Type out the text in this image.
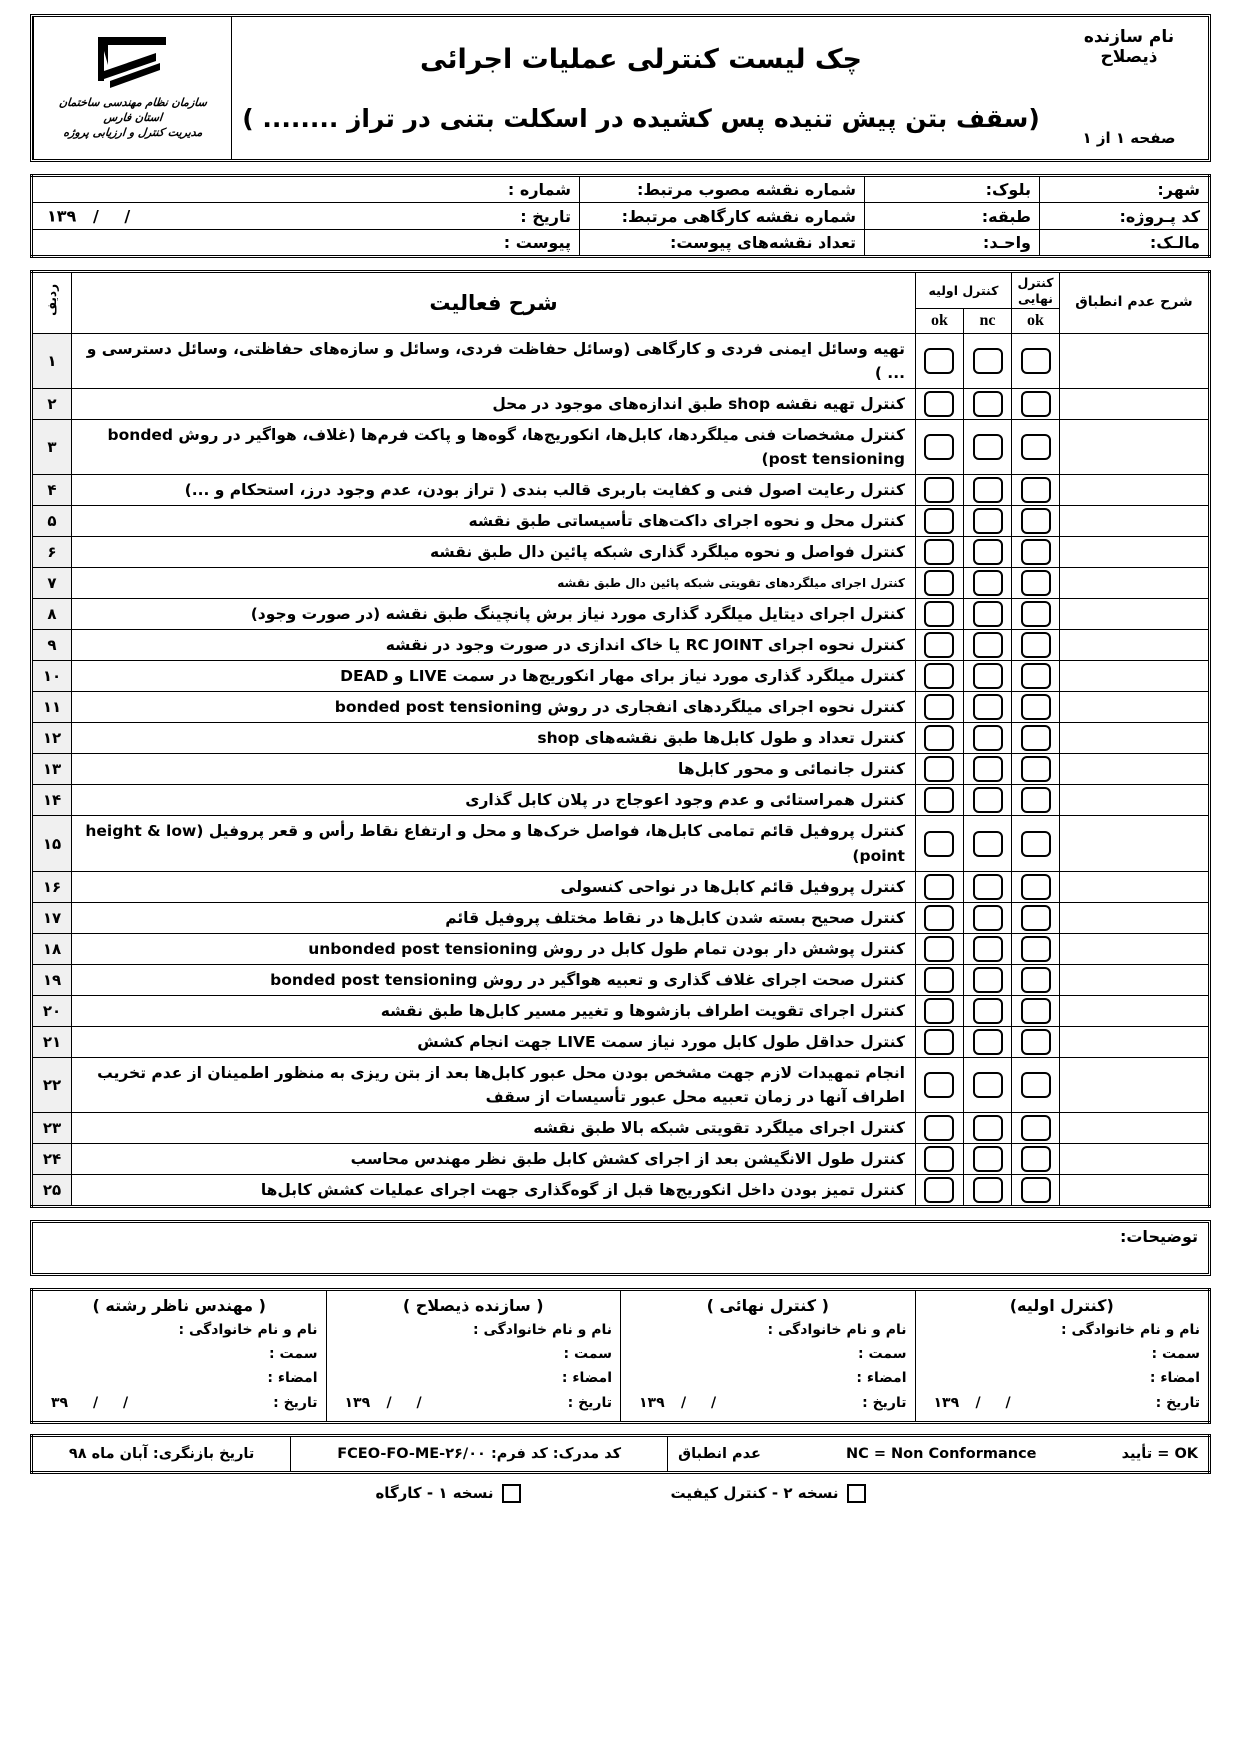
سازمان نظام مهندسی ساختمان
استان فارس
مدیریت کنترل و ارزیابی پروژه
چک لیست کنترلی عملیات اجرائی
(سقف بتن پیش تنیده پس کشیده در اسکلت بتنی در تراز ........ )
نام سازنده ذیصلاح
صفحه ۱ از ۱
شهر:	بلوک:	شماره نقشه مصوب مرتبط:	شماره :
کد پـروژه:	طبقه:	شماره نقشه کارگاهی مرتبط:	تاریخ :
/ /
۱۳۹

مالـک:	واحـد:	تعداد نقشه‌های پیوست:	پیوست :
شرح عدم انطباق	کنترل نهایی	کنترل اولیه		شرح فعالیت	ردیف
	ok	nc	ok		
				تهیه وسائل ایمنی فردی و کارگاهی (وسائل حفاظت فردی، وسائل و سازه‌های حفاظتی، وسائل دسترسی و ... )	۱
				کنترل تهیه نقشه shop طبق اندازه‌های موجود در محل	۲
				کنترل مشخصات فنی میلگردها، کابل‌ها، انکوریج‌ها، گوه‌ها و پاکت فرم‌ها (غلاف، هواگیر در روش bonded post tensioning)	۳
				کنترل رعایت اصول فنی و کفایت باربری قالب بندی ( تراز بودن، عدم وجود درز، استحکام و ...)	۴
				کنترل محل و نحوه اجرای داکت‌های تأسیساتی طبق نقشه	۵
				کنترل فواصل و نحوه میلگرد گذاری شبکه پائین دال طبق نقشه	۶
				کنترل اجرای میلگردهای تقویتی شبکه پائین دال طبق نقشه	۷
				کنترل اجرای دیتایل میلگرد گذاری مورد نیاز برش پانچینگ طبق نقشه (در صورت وجود)	۸
				کنترل نحوه اجرای RC JOINT یا خاک اندازی در صورت وجود در نقشه	۹
				کنترل میلگرد گذاری مورد نیاز برای مهار انکوریج‌ها در سمت LIVE و DEAD	۱۰
				کنترل نحوه اجرای میلگردهای انفجاری در روش bonded post tensioning	۱۱
				کنترل تعداد و طول کابل‌ها طبق نقشه‌های shop	۱۲
				کنترل جانمائی و محور کابل‌ها	۱۳
				کنترل همراستائی و عدم وجود اعوجاج در پلان کابل گذاری	۱۴
				کنترل پروفیل قائم تمامی کابل‌ها، فواصل خرک‌ها و محل و ارتفاع نقاط رأس و قعر پروفیل (height & low point)	۱۵
				کنترل پروفیل قائم کابل‌ها در نواحی کنسولی	۱۶
				کنترل صحیح بسته شدن کابل‌ها در نقاط مختلف پروفیل قائم	۱۷
				کنترل پوشش دار بودن تمام طول کابل در روش unbonded post tensioning	۱۸
				کنترل صحت اجرای غلاف گذاری و تعبیه هواگیر در روش bonded post tensioning	۱۹
				کنترل اجرای تقویت اطراف بازشوها و تغییر مسیر کابل‌ها طبق نقشه	۲۰
				کنترل حداقل طول کابل مورد نیاز سمت LIVE جهت انجام کشش	۲۱
				انجام تمهیدات لازم جهت مشخص بودن محل عبور کابل‌ها بعد از بتن ریزی به منظور اطمینان از عدم تخریب اطراف آنها در زمان تعبیه محل عبور تأسیسات از سقف	۲۲
				کنترل اجرای میلگرد تقویتی شبکه بالا طبق نقشه	۲۳
				کنترل طول الانگیشن بعد از اجرای کشش کابل طبق نظر مهندس محاسب	۲۴
				کنترل تمیز بودن داخل انکوریج‌ها قبل از گوه‌گذاری جهت اجرای عملیات کشش کابل‌ها	۲۵
توضیحات:
(کنترل اولیه)
نام و نام خانوادگی :
سمت :
امضاء :
تاریخ :
/ /
۱۳۹

( کنترل نهائی )
نام و نام خانوادگی :
سمت :
امضاء :
تاریخ :
/ /
۱۳۹

( سازنده ذیصلاح )
نام و نام خانوادگی :
سمت :
امضاء :
تاریخ :
/ /
۱۳۹

( مهندس ناظر رشته )
نام و نام خانوادگی :
سمت :
امضاء :
تاریخ :
/ /
۳۹
OK = تأیید
NC = Non Conformance
عدم انطباق
	کد مدرک: کد فرم: FCEO-FO-ME-۲۶/۰۰	تاریخ بازنگری: آبان ماه ۹۸
نسخه ۲ - کنترل کیفیت
نسخه ۱ - کارگاه
